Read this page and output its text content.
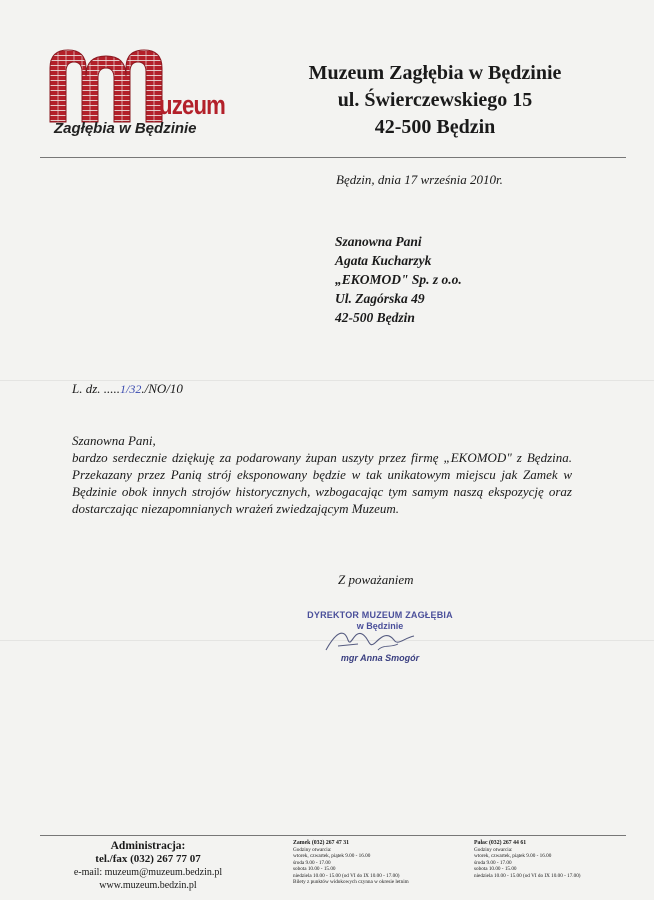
uzeum
Zagłębia w Będzinie
Muzeum Zagłębia w Będzinie
ul. Świerczewskiego 15
42-500 Będzin
Będzin, dnia 17 września 2010r.
Szanowna Pani
Agata Kucharzyk
„EKOMOD" Sp. z o.o.
Ul. Zagórska 49
42-500 Będzin
L. dz. .....1/32./NO/10

Szanowna Pani,

bardzo serdecznie dziękuję za podarowany żupan uszyty przez firmę „EKOMOD" z Będzina. Przekazany przez Panią strój eksponowany będzie w tak unikatowym miejscu jak Zamek w Będzinie obok innych strojów historycznych, wzbogacając tym samym naszą ekspozycję oraz dostarczając niezapomnianych wrażeń zwiedzającym Muzeum.

Z poważaniem
DYREKTOR MUZEUM ZAGŁĘBIA
w Będzinie
mgr Anna Smogór
Administracja:
tel./fax (032) 267 77 07
e-mail: muzeum@muzeum.bedzin.pl
www.muzeum.bedzin.pl
Zamek (032) 267 47 31
Godziny otwarcia:
wtorek, czwartek, piątek 9.00 - 16.00
środa 9.00 - 17.00
sobota 10.00 - 15.00
niedziela 10.00 - 15.00 (od VI do IX 10.00 - 17.00)
Bilety z punktów widokowych czynna w okresie letnim
Pałac (032) 267 44 61
Godziny otwarcia:
wtorek, czwartek, piątek 9.00 - 16.00
środa 9.00 - 17.00
sobota 10.00 - 15.00
niedziela 10.00 - 15.00 (od VI do IX 10.00 - 17.00)
